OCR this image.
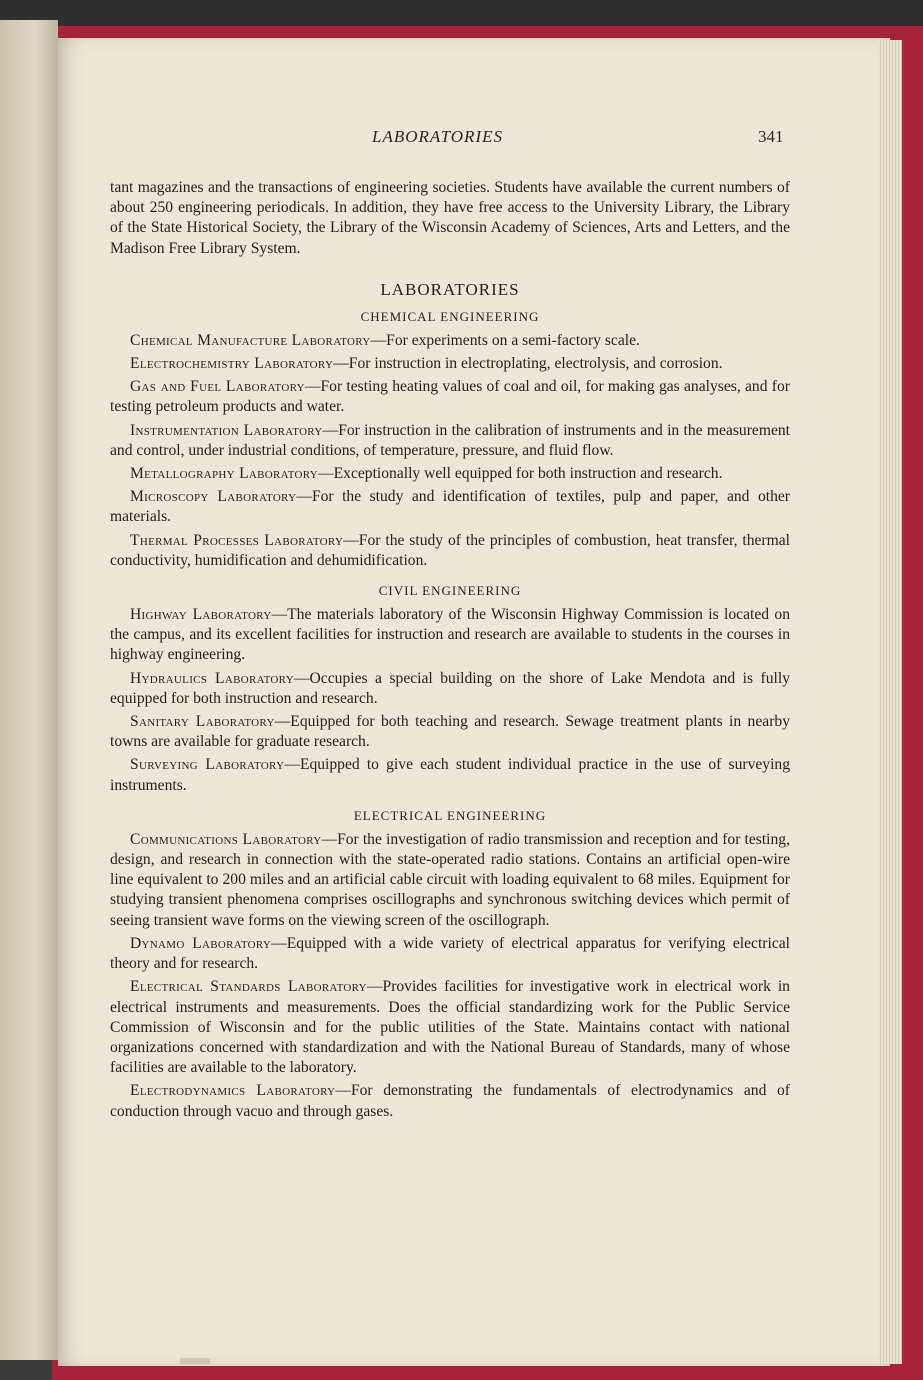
LABORATORIES	341

tant magazines and the transactions of engineering societies. Students have available the current numbers of about 250 engineering periodicals. In addition, they have free access to the University Library, the Library of the State Historical Society, the Library of the Wisconsin Academy of Sciences, Arts and Letters, and the Madison Free Library System.

LABORATORIES
CHEMICAL ENGINEERING

Chemical Manufacture Laboratory—For experiments on a semi-factory scale.

Electrochemistry Laboratory—For instruction in electroplating, electrolysis, and corrosion.

Gas and Fuel Laboratory—For testing heating values of coal and oil, for making gas analyses, and for testing petroleum products and water.

Instrumentation Laboratory—For instruction in the calibration of instruments and in the measurement and control, under industrial conditions, of temperature, pressure, and fluid flow.

Metallography Laboratory—Exceptionally well equipped for both instruction and research.

Microscopy Laboratory—For the study and identification of textiles, pulp and paper, and other materials.

Thermal Processes Laboratory—For the study of the principles of combustion, heat transfer, thermal conductivity, humidification and dehumidification.

CIVIL ENGINEERING

Highway Laboratory—The materials laboratory of the Wisconsin Highway Commission is located on the campus, and its excellent facilities for instruction and research are available to students in the courses in highway engineering.

Hydraulics Laboratory—Occupies a special building on the shore of Lake Mendota and is fully equipped for both instruction and research.

Sanitary Laboratory—Equipped for both teaching and research. Sewage treatment plants in nearby towns are available for graduate research.

Surveying Laboratory—Equipped to give each student individual practice in the use of surveying instruments.

ELECTRICAL ENGINEERING

Communications Laboratory—For the investigation of radio transmission and reception and for testing, design, and research in connection with the state-operated radio stations. Contains an artificial open-wire line equivalent to 200 miles and an artificial cable circuit with loading equivalent to 68 miles. Equipment for studying transient phenomena comprises oscillographs and synchronous switching devices which permit of seeing transient wave forms on the viewing screen of the oscillograph.

Dynamo Laboratory—Equipped with a wide variety of electrical apparatus for verifying electrical theory and for research.

Electrical Standards Laboratory—Provides facilities for investigative work in electrical work in electrical instruments and measurements. Does the official standardizing work for the Public Service Commission of Wisconsin and for the public utilities of the State. Maintains contact with national organizations concerned with standardization and with the National Bureau of Standards, many of whose facilities are available to the laboratory.

Electrodynamics Laboratory—For demonstrating the fundamentals of electrodynamics and of conduction through vacuo and through gases.
